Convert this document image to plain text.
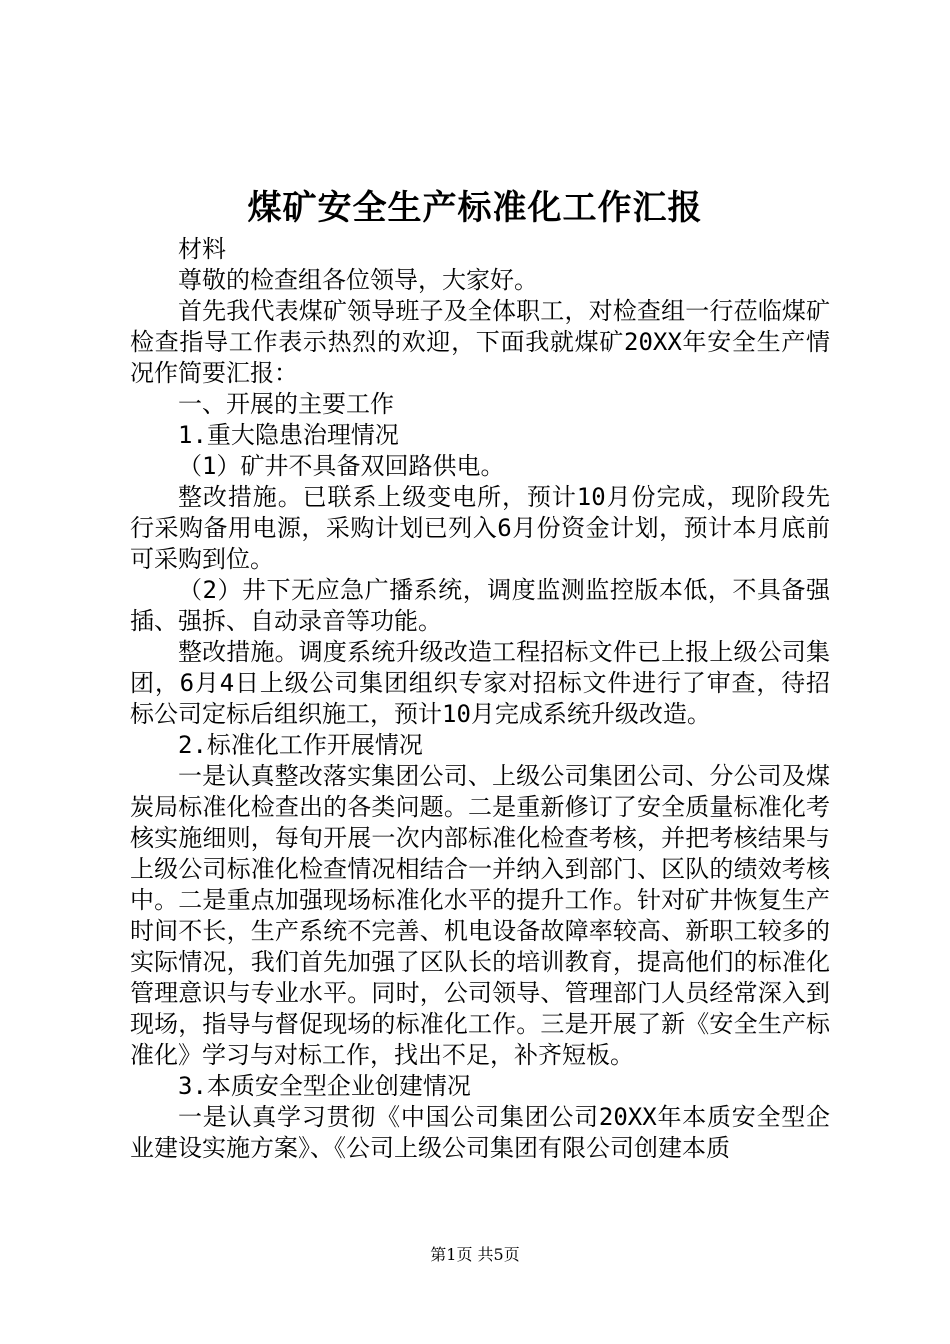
煤矿安全生产标准化工作汇报

材料

尊敬的检查组各位领导，大家好。

首先我代表煤矿领导班子及全体职工，对检查组一行莅临煤矿检查指导工作表示热烈的欢迎，下面我就煤矿20XX年安全生产情况作简要汇报：

一、开展的主要工作

1.重大隐患治理情况

（1）矿井不具备双回路供电。

整改措施。已联系上级变电所，预计10月份完成，现阶段先行采购备用电源，采购计划已列入6月份资金计划，预计本月底前可采购到位。

（2）井下无应急广播系统，调度监测监控版本低，不具备强插、强拆、自动录音等功能。

整改措施。调度系统升级改造工程招标文件已上报上级公司集团，6月4日上级公司集团组织专家对招标文件进行了审查，待招标公司定标后组织施工，预计10月完成系统升级改造。

2.标准化工作开展情况

一是认真整改落实集团公司、上级公司集团公司、分公司及煤炭局标准化检查出的各类问题。二是重新修订了安全质量标准化考核实施细则，每旬开展一次内部标准化检查考核，并把考核结果与上级公司标准化检查情况相结合一并纳入到部门、区队的绩效考核中。二是重点加强现场标准化水平的提升工作。针对矿井恢复生产时间不长，生产系统不完善、机电设备故障率较高、新职工较多的实际情况，我们首先加强了区队长的培训教育，提高他们的标准化管理意识与专业水平。同时，公司领导、管理部门人员经常深入到现场，指导与督促现场的标准化工作。三是开展了新《安全生产标准化》学习与对标工作，找出不足，补齐短板。

3.本质安全型企业创建情况

一是认真学习贯彻《中国公司集团公司20XX年本质安全型企业建设实施方案》、《公司上级公司集团有限公司创建本质

第1页 共5页
